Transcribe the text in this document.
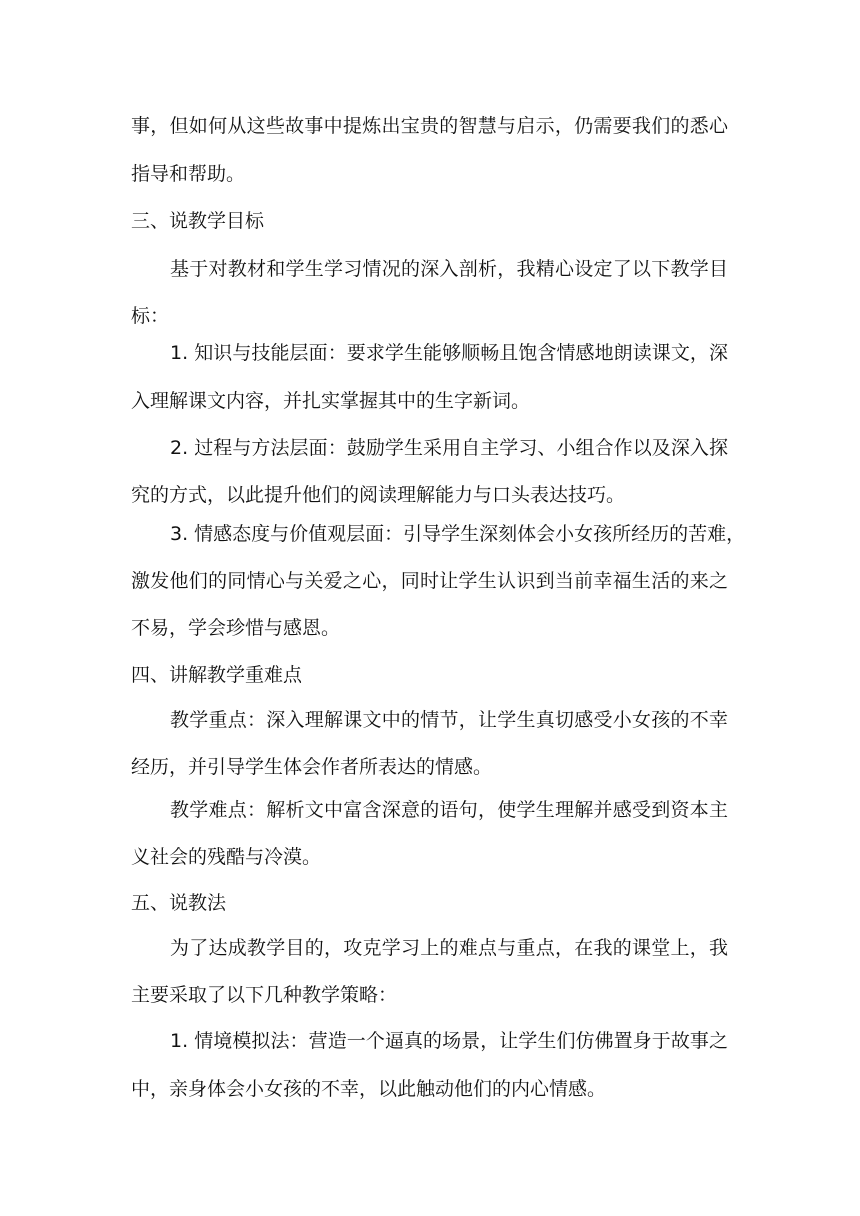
事，但如何从这些故事中提炼出宝贵的智慧与启示，仍需要我们的悉心
指导和帮助。
三、说教学目标
基于对教材和学生学习情况的深入剖析，我精心设定了以下教学目
标：
1. 知识与技能层面：要求学生能够顺畅且饱含情感地朗读课文，深
入理解课文内容，并扎实掌握其中的生字新词。
2. 过程与方法层面：鼓励学生采用自主学习、小组合作以及深入探
究的方式，以此提升他们的阅读理解能力与口头表达技巧。
3. 情感态度与价值观层面：引导学生深刻体会小女孩所经历的苦难，
激发他们的同情心与关爱之心，同时让学生认识到当前幸福生活的来之
不易，学会珍惜与感恩。
四、讲解教学重难点
教学重点：深入理解课文中的情节，让学生真切感受小女孩的不幸
经历，并引导学生体会作者所表达的情感。
教学难点：解析文中富含深意的语句，使学生理解并感受到资本主
义社会的残酷与冷漠。
五、说教法
为了达成教学目的，攻克学习上的难点与重点，在我的课堂上，我
主要采取了以下几种教学策略：
1. 情境模拟法：营造一个逼真的场景，让学生们仿佛置身于故事之
中，亲身体会小女孩的不幸，以此触动他们的内心情感。
